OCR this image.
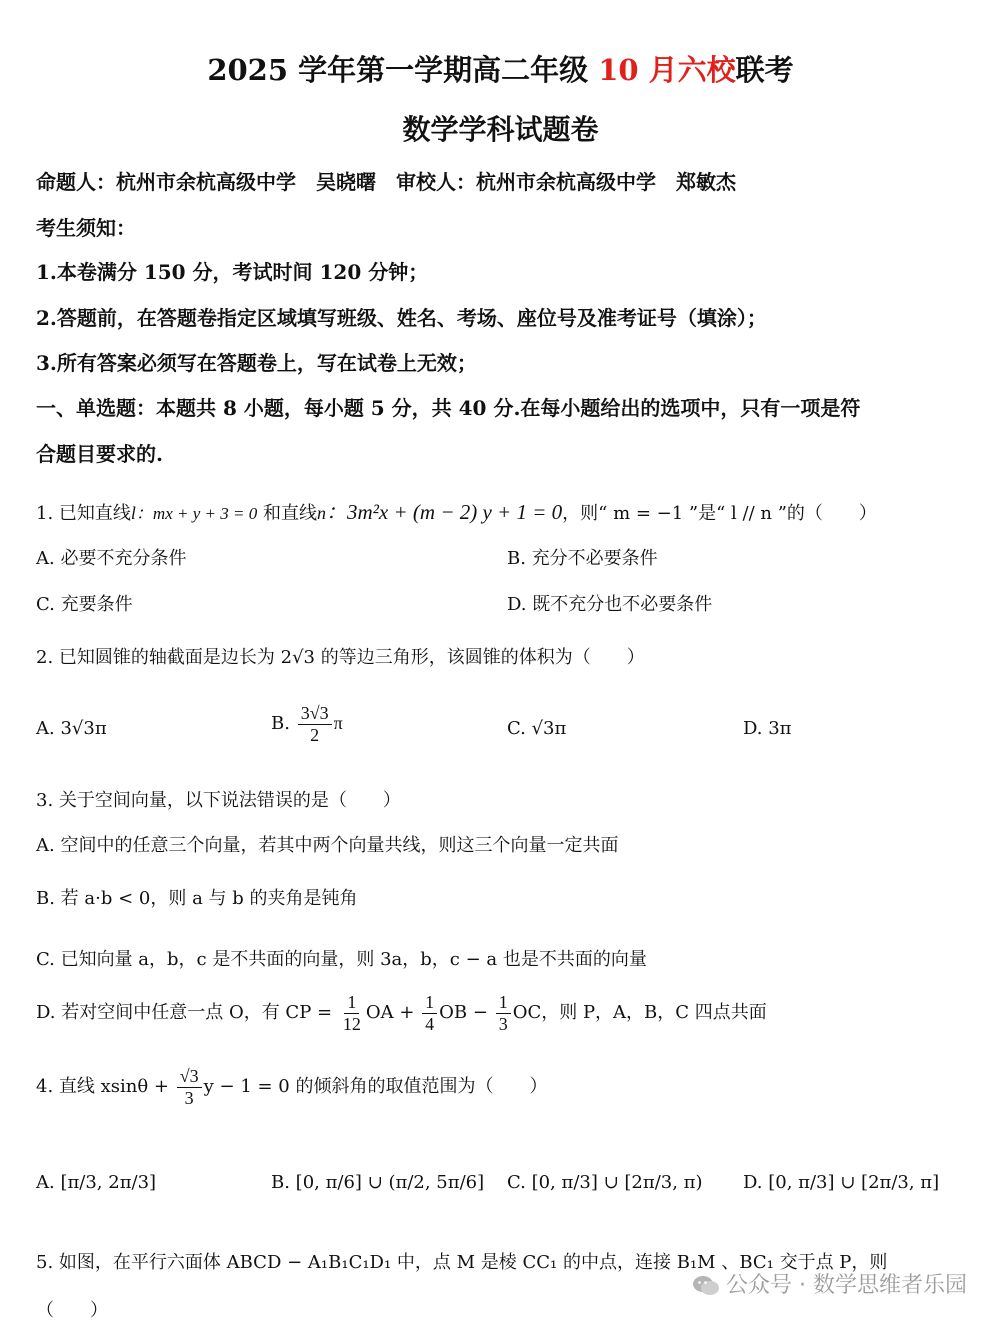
2025 学年第一学期高二年级 10 月六校联考
数学学科试题卷
命题人：杭州市余杭高级中学　吴晓曙　审校人：杭州市余杭高级中学　郑敏杰
考生须知：
1.本卷满分 150 分，考试时间 120 分钟；
2.答题前，在答题卷指定区域填写班级、姓名、考场、座位号及准考证号（填涂）；
3.所有答案必须写在答题卷上，写在试卷上无效；
一、单选题：本题共 8 小题，每小题 5 分，共 40 分.在每小题给出的选项中，只有一项是符
合题目要求的.
1. 已知直线l：mx + y + 3 = 0 和直线n：3m²x + (m − 2) y + 1 = 0，则“ m = −1 ”是“ l // n ”的（　　）
A. 必要不充分条件	B. 充分不必要条件
C. 充要条件	D. 既不充分也不必要条件
2. 已知圆锥的轴截面是边长为 2√3 的等边三角形，该圆锥的体积为（　　）
A. 3√3π	B. $\frac{3√3}{2}$ π	C. √3π	D. 3π
3. 关于空间向量，以下说法错误的是（　　）
A. 空间中的任意三个向量，若其中两个向量共线，则这三个向量一定共面
B. 若 a·b < 0，则 a 与 b 的夹角是钝角
C. 已知向量 a，b，c 是不共面的向量，则 3a，b，c − a 也是不共面的向量
D. 若对空间中任意一点 O，有 CP = $\frac{1}{12}$ OA + $\frac{1}{4}$ OB − $\frac{1}{3}$ OC，则 P，A，B，C 四点共面
4. 直线 $xsin\theta + \frac{√3}{3}$ y − 1 = 0 的倾斜角的取值范围为（　　）
A. [π/3, 2π/3]	B. [0, π/6] ∪ (π/2, 5π/6] C. [0, π/3] ∪ [2π/3, π) D. [0, π/3] ∪ [2π/3, π]
5. 如图，在平行六面体 ABCD − A₁B₁C₁D₁ 中，点 M 是棱 CC₁ 的中点，连接 B₁M 、BC₁ 交于点 P，则
（　　）
公众号 · 数学思维者乐园
